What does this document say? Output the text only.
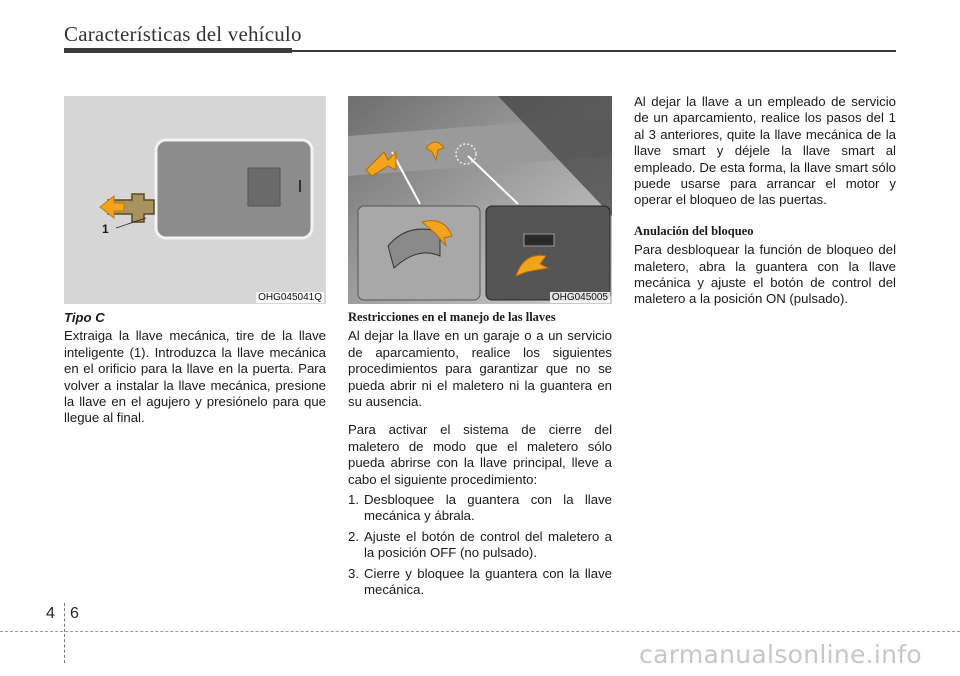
Características del vehículo
1
OHG045041Q	OHG045005

Tipo C

Extraiga la llave mecánica, tire de la llave inteligente (1). Introduzca la llave mecánica en el orificio para la llave en la puerta. Para volver a instalar la llave mecánica, presione la llave en el agujero y presiónelo para que llegue al final.

Restricciones en el manejo de las llaves

Al dejar la llave en un garaje o a un servicio de aparcamiento, realice los siguientes procedimientos para garantizar que no se pueda abrir ni el maletero ni la guantera en su ausencia.

Para activar el sistema de cierre del maletero de modo que el maletero sólo pueda abrirse con la llave principal, lleve a cabo el siguiente procedimiento:

1. Desbloquee la guantera con la llave mecánica y ábrala.
2. Ajuste el botón de control del maletero a la posición OFF (no pulsado).
3. Cierre y bloquee la guantera con la llave mecánica.

Al dejar la llave a un empleado de servicio de un aparcamiento, realice los pasos del 1 al 3 anteriores, quite la llave mecánica de la llave smart y déjele la llave smart al empleado. De esta forma, la llave smart sólo puede usarse para arrancar el motor y operar el bloqueo de las puertas.

Anulación del bloqueo

Para desbloquear la función de bloqueo del maletero, abra la guantera con la llave mecánica y ajuste el botón de control del maletero a la posición ON (pulsado).

4 6
carmanualsonline.info
